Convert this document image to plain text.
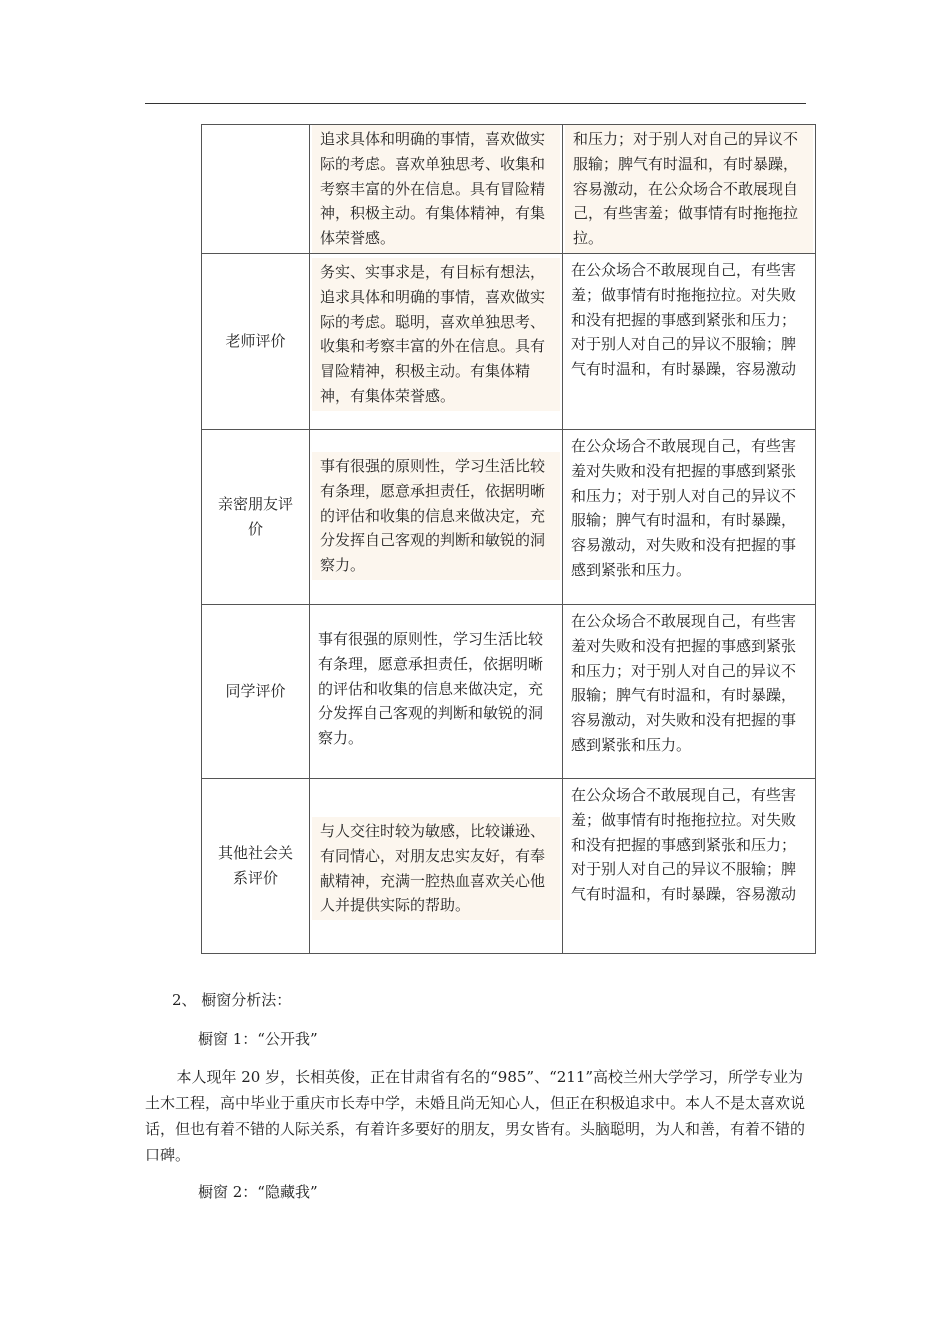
	追求具体和明确的事情，喜欢做实际的考虑。喜欢单独思考、收集和考察丰富的外在信息。具有冒险精神，积极主动。有集体精神，有集体荣誉感。	和压力；对于别人对自己的异议不服输；脾气有时温和，有时暴躁，容易激动，在公众场合不敢展现自己，有些害羞；做事情有时拖拖拉拉。

老师评价	务实、实事求是，有目标有想法，追求具体和明确的事情，喜欢做实际的考虑。聪明，喜欢单独思考、收集和考察丰富的外在信息。具有冒险精神，积极主动。有集体精神，有集体荣誉感。	在公众场合不敢展现自己，有些害羞；做事情有时拖拖拉拉。对失败和没有把握的事感到紧张和压力；对于别人对自己的异议不服输；脾气有时温和，有时暴躁，容易激动

亲密朋友评价	事有很强的原则性，学习生活比较有条理，愿意承担责任，依据明晰的评估和收集的信息来做决定，充分发挥自己客观的判断和敏锐的洞察力。	在公众场合不敢展现自己，有些害羞对失败和没有把握的事感到紧张和压力；对于别人对自己的异议不服输；脾气有时温和，有时暴躁，容易激动，对失败和没有把握的事感到紧张和压力。

同学评价	事有很强的原则性，学习生活比较有条理，愿意承担责任，依据明晰的评估和收集的信息来做决定，充分发挥自己客观的判断和敏锐的洞察力。	在公众场合不敢展现自己，有些害羞对失败和没有把握的事感到紧张和压力；对于别人对自己的异议不服输；脾气有时温和，有时暴躁，容易激动，对失败和没有把握的事感到紧张和压力。

其他社会关系评价	与人交往时较为敏感，比较谦逊、有同情心，对朋友忠实友好，有奉献精神，充满一腔热血喜欢关心他人并提供实际的帮助。	在公众场合不敢展现自己，有些害羞；做事情有时拖拖拉拉。对失败和没有把握的事感到紧张和压力；对于别人对自己的异议不服输；脾气有时温和，有时暴躁，容易激动
2、 橱窗分析法：
橱窗 1：“公开我”
本人现年 20 岁，长相英俊，正在甘肃省有名的“985”、“211”高校兰州大学学习，所学专业为土木工程，高中毕业于重庆市长寿中学，未婚且尚无知心人，但正在积极追求中。本人不是太喜欢说话，但也有着不错的人际关系，有着许多要好的朋友，男女皆有。头脑聪明，为人和善，有着不错的口碑。
橱窗 2：“隐藏我”
